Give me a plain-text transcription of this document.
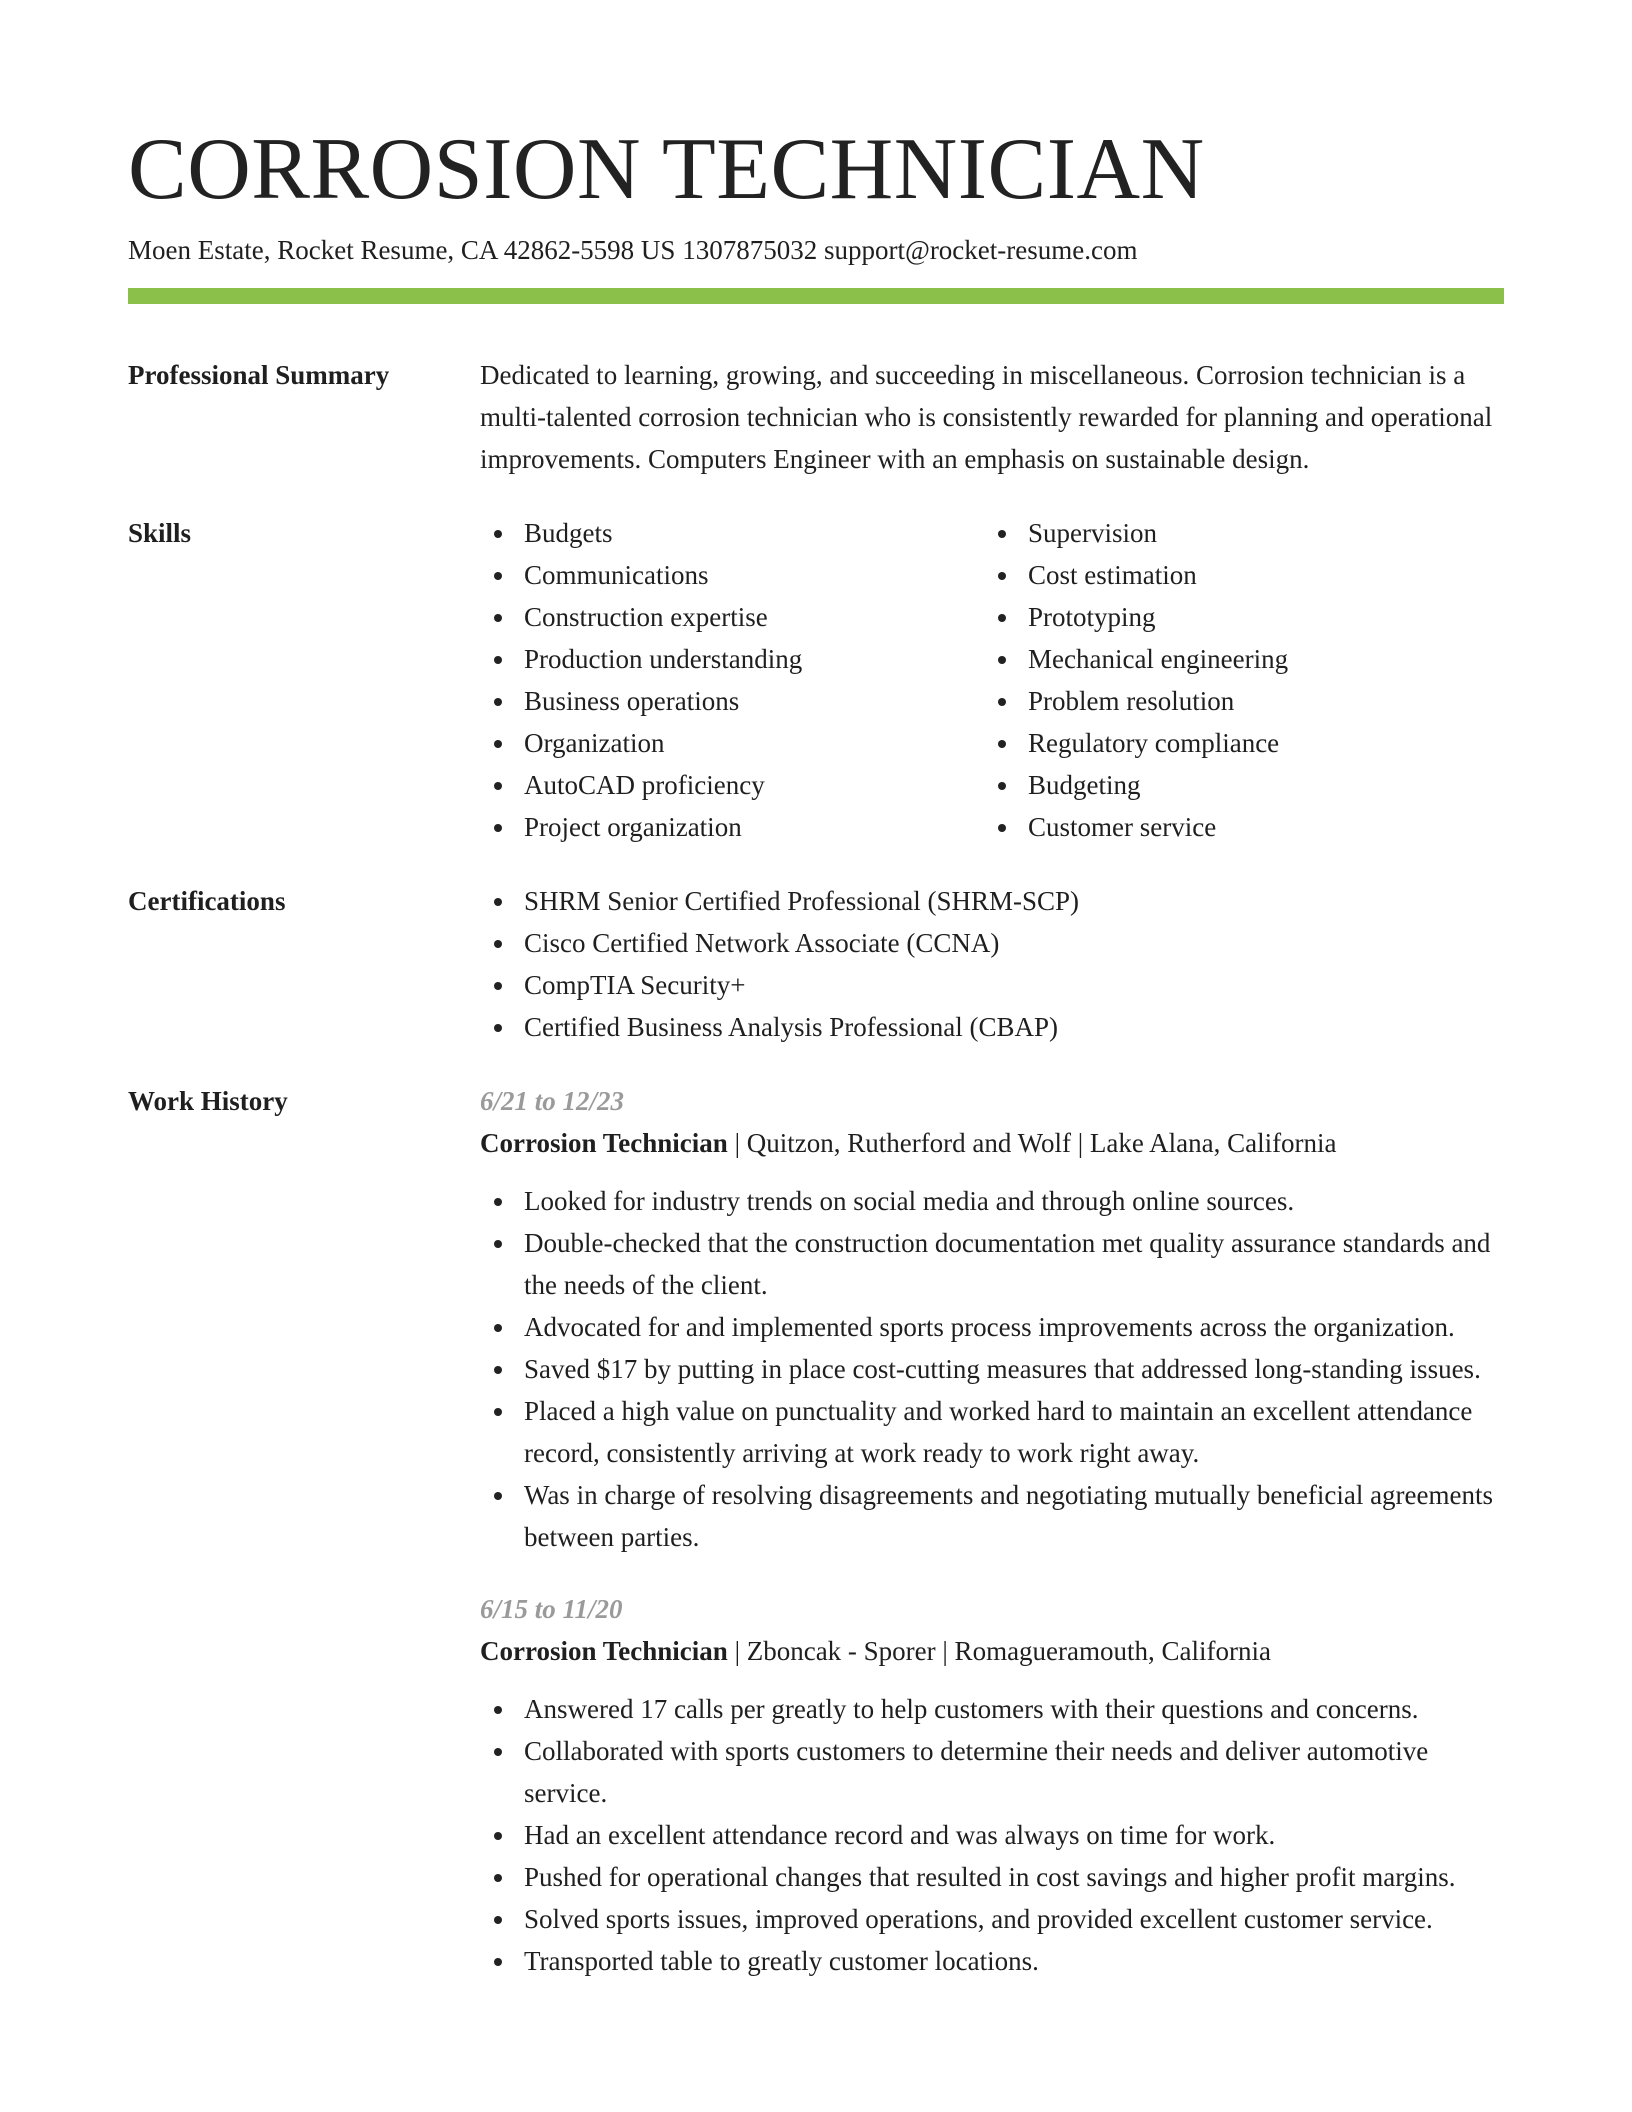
CORROSION TECHNICIAN
Moen Estate, Rocket Resume, CA 42862-5598 US 1307875032 support@rocket-resume.com
Professional Summary	Dedicated to learning, growing, and succeeding in miscellaneous. Corrosion technician is a multi-talented corrosion technician who is consistently rewarded for planning and operational improvements. Computers Engineer with an emphasis on sustainable design.
Skills	Budgets
Communications
Construction expertise
Production understanding
Business operations
Organization
AutoCAD proficiency
Project organization
Supervision
Cost estimation
Prototyping
Mechanical engineering
Problem resolution
Regulatory compliance
Budgeting
Customer service
Certifications	SHRM Senior Certified Professional (SHRM-SCP)
Cisco Certified Network Associate (CCNA)
CompTIA Security+
Certified Business Analysis Professional (CBAP)
Work History	6/21 to 12/23
Corrosion Technician | Quitzon, Rutherford and Wolf | Lake Alana, California
Looked for industry trends on social media and through online sources.
Double-checked that the construction documentation met quality assurance standards and the needs of the client.
Advocated for and implemented sports process improvements across the organization.
Saved $17 by putting in place cost-cutting measures that addressed long-standing issues.
Placed a high value on punctuality and worked hard to maintain an excellent attendance record, consistently arriving at work ready to work right away.
Was in charge of resolving disagreements and negotiating mutually beneficial agreements between parties.
6/15 to 11/20
Corrosion Technician | Zboncak - Sporer | Romagueramouth, California
Answered 17 calls per greatly to help customers with their questions and concerns.
Collaborated with sports customers to determine their needs and deliver automotive service.
Had an excellent attendance record and was always on time for work.
Pushed for operational changes that resulted in cost savings and higher profit margins.
Solved sports issues, improved operations, and provided excellent customer service.
Transported table to greatly customer locations.
